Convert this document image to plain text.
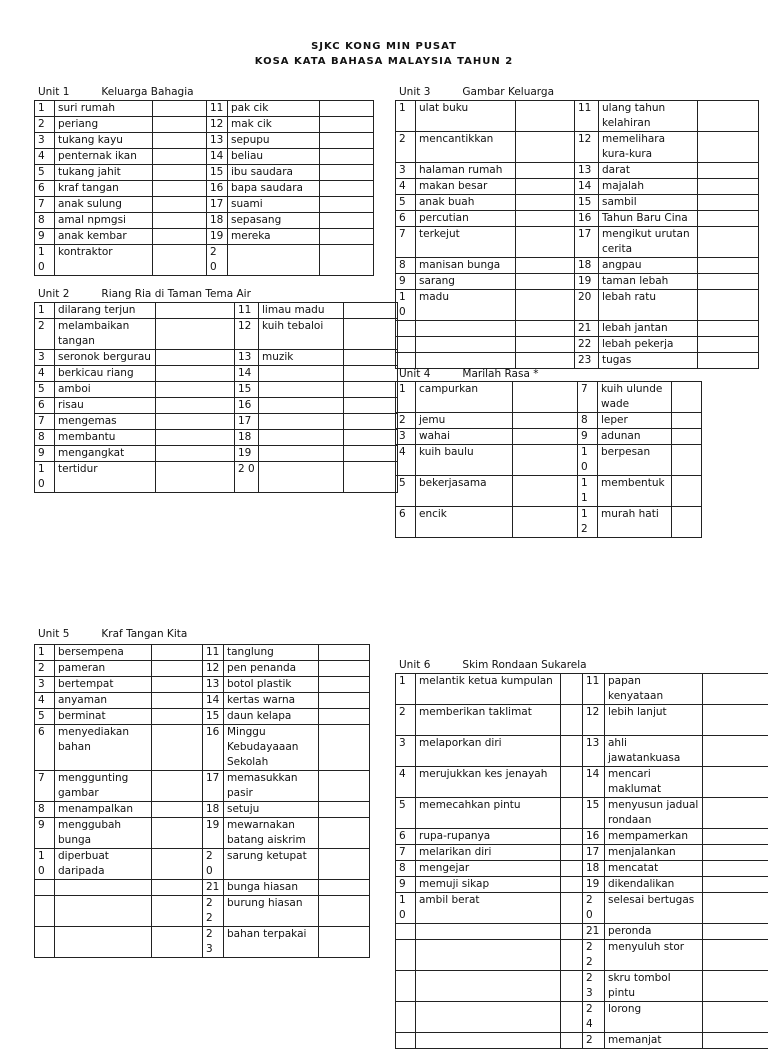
SJKC KONG MIN PUSAT
KOSA KATA BAHASA MALAYSIA TAHUN 2
Unit 1	Keluarga Bahagia
1	suri rumah		11	pak cik	
2	periang		12	mak cik	
3	tukang kayu		13	sepupu	
4	penternak ikan		14	beliau	
5	tukang jahit		15	ibu saudara	
6	kraf tangan		16	bapa saudara	
7	anak sulung		17	suami	
8	amal npmgsi		18	sepasang	
9	anak kembar		19	mereka	
10	kontraktor		2 0		
Unit 2	Riang Ria di Taman Tema Air
1	dilarang terjun		11	limau madu	
2	melambaikan tangan		12	kuih tebaloi	
3	seronok bergurau		13	muzik	
4	berkicau riang		14		
5	amboi		15		
6	risau		16		
7	mengemas		17		
8	membantu		18		
9	mengangkat		19		
10	tertidur		2 0		
Unit 3	Gambar Keluarga
1	ulat buku		11	ulang tahun kelahiran	
2	mencantikkan		12	memelihara kura-kura	
3	halaman rumah		13	darat	
4	makan besar		14	majalah	
5	anak buah		15	sambil	
6	percutian		16	Tahun Baru Cina	
7	terkejut		17	mengikut urutan cerita	
8	manisan bunga		18	angpau	
9	sarang		19	taman lebah	
10	madu		20	lebah ratu	
			21	lebah jantan	
			22	lebah pekerja	
			23	tugas	
Unit 4	Marilah Rasa *
1	campurkan		7	kuih ulunde wade	
2	jemu		8	leper	
3	wahai		9	adunan	
4	kuih baulu		10	berpesan	
5	bekerjasama		11	membentuk	
6	encik		12	murah hati	
Unit 5	Kraf Tangan Kita
1	bersempena		11	tanglung	
2	pameran		12	pen penanda	
3	bertempat		13	botol plastik	
4	anyaman		14	kertas warna	
5	berminat		15	daun kelapa	
6	menyediakan bahan		16	Minggu Kebudayaaan Sekolah	
7	menggunting gambar		17	memasukkan pasir	
8	menampalkan		18	setuju	
9	menggubah bunga		19	mewarnakan batang aiskrim	
10	diperbuat daripada		2 0	sarung ketupat	
			21	bunga hiasan	
			2 2	burung hiasan	
			2 3	bahan terpakai	
Unit 6	Skim Rondaan Sukarela
1	melantik ketua kumpulan		11	papan kenyataan	
2	memberikan taklimat		12	lebih lanjut	
3	melaporkan diri		13	ahli jawatankuasa	
4	merujukkan kes jenayah		14	mencari maklumat	
5	memecahkan pintu		15	menyusun jadual rondaan	
6	rupa-rupanya		16	mempamerkan	
7	melarikan diri		17	menjalankan	
8	mengejar		18	mencatat	
9	memuji sikap		19	dikendalikan	
10	ambil berat		2 0	selesai bertugas	
			21	peronda	
			2 2	menyuluh stor	
			2 3	skru tombol pintu	
			2 4	lorong	
			2	memanjat	
